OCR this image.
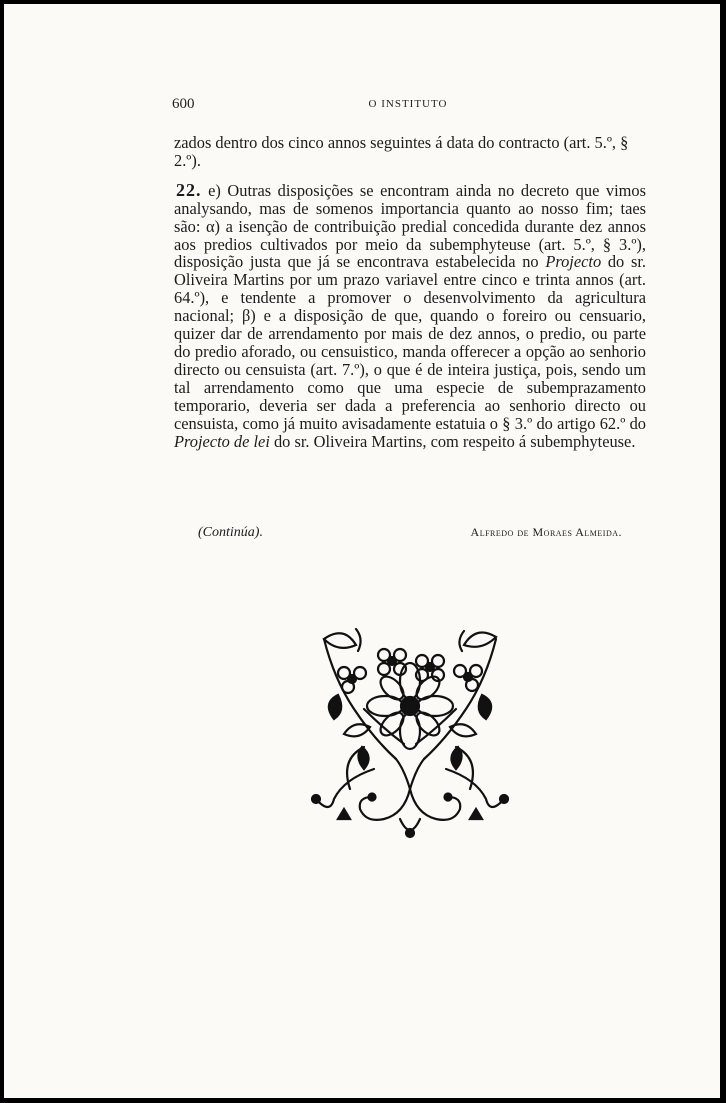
600	O INSTITUTO

zados dentro dos cinco annos seguintes á data do contracto (art. 5.º, § 2.º).

22. e) Outras disposições se encontram ainda no decreto que vimos analysando, mas de somenos importancia quanto ao nosso fim; taes são: α) a isenção de contribuição predial concedida durante dez annos aos predios cultivados por meio da subemphyteuse (art. 5.º, § 3.º), disposição justa que já se encontrava estabelecida no Projecto do sr. Oliveira Martins por um prazo variavel entre cinco e trinta annos (art. 64.º), e tendente a promover o desenvolvimento da agricultura nacional; β) e a disposição de que, quando o foreiro ou censuario, quizer dar de arrendamento por mais de dez annos, o predio, ou parte do predio aforado, ou censuistico, manda offerecer a opção ao senhorio directo ou censuista (art. 7.º), o que é de inteira justiça, pois, sendo um tal arrendamento como que uma especie de subemprazamento temporario, deveria ser dada a preferencia ao senhorio directo ou censuista, como já muito avisadamente estatuia o § 3.º do artigo 62.º do Projecto de lei do sr. Oliveira Martins, com respeito á subemphyteuse.

(Continúa).	Alfredo de Moraes Almeida.
